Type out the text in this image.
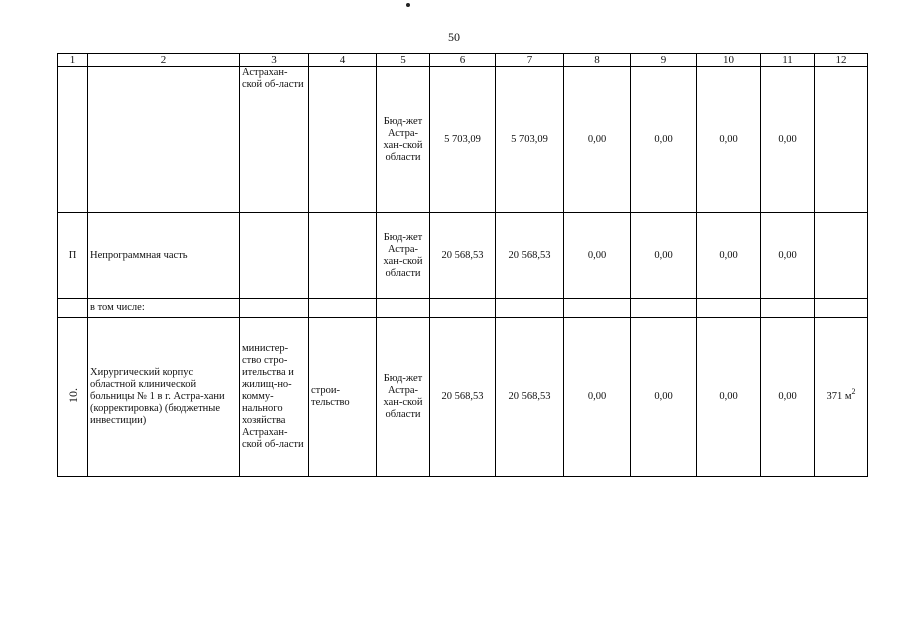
50
1	2	3	4	5	6	7	8	9	10	11	12
		Астрахан-ской об-ласти		Бюд-жет Астра-хан-ской области	5 703,09	5 703,09	0,00	0,00	0,00	0,00	
П	Непрограммная часть			Бюд-жет Астра-хан-ской области	20 568,53	20 568,53	0,00	0,00	0,00	0,00	
	в том числе:										
10.	Хирургический корпус областной клинической больницы № 1 в г. Астра-хани (корректировка) (бюджетные инвестиции)	министер-ство стро-ительства и жилищ-но-комму-нального хозяйства Астрахан-ской об-ласти	строи-тельство	Бюд-жет Астра-хан-ской области	20 568,53	20 568,53	0,00	0,00	0,00	0,00	371 $м^2$
